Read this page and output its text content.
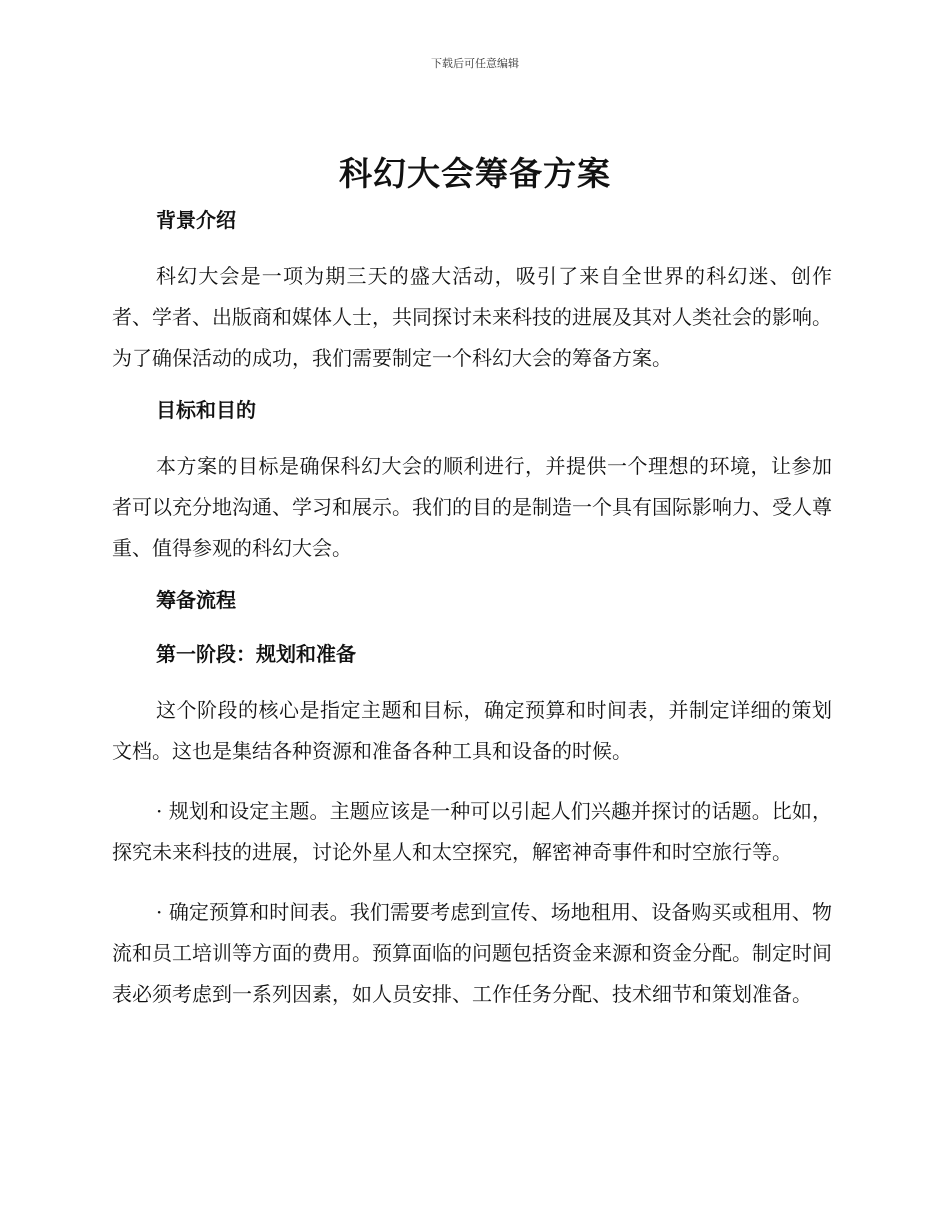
下载后可任意编辑

科幻大会筹备方案
背景介绍

科幻大会是一项为期三天的盛大活动，吸引了来自全世界的科幻迷、创作者、学者、出版商和媒体人士，共同探讨未来科技的进展及其对人类社会的影响。为了确保活动的成功，我们需要制定一个科幻大会的筹备方案。

目标和目的

本方案的目标是确保科幻大会的顺利进行，并提供一个理想的环境，让参加者可以充分地沟通、学习和展示。我们的目的是制造一个具有国际影响力、受人尊重、值得参观的科幻大会。

筹备流程
第一阶段：规划和准备

这个阶段的核心是指定主题和目标，确定预算和时间表，并制定详细的策划文档。这也是集结各种资源和准备各种工具和设备的时候。

· 规划和设定主题。主题应该是一种可以引起人们兴趣并探讨的话题。比如，探究未来科技的进展，讨论外星人和太空探究，解密神奇事件和时空旅行等。

· 确定预算和时间表。我们需要考虑到宣传、场地租用、设备购买或租用、物流和员工培训等方面的费用。预算面临的问题包括资金来源和资金分配。制定时间表必须考虑到一系列因素，如人员安排、工作任务分配、技术细节和策划准备。
